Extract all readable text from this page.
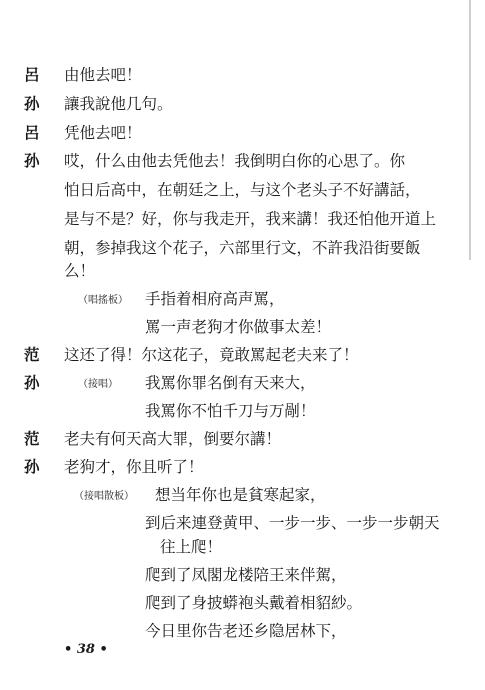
呂 由他去吧！
孙 讓我說他几句。
呂 凭他去吧！
孙 哎，什么由他去凭他去！我倒明白你的心思了。你
怕日后高中，在朝廷之上，与这个老头子不好講話，
是与不是？好，你与我走开，我来講！我还怕他开道上
朝，参掉我这个花子，六部里行文，不許我沿街要飯
么！
（唱搖板） 手指着相府高声罵，
罵一声老狗才你做事太差！
范 这还了得！尔这花子，竟敢罵起老夫来了！
孙	（接唱） 我罵你罪名倒有天来大，
我罵你不怕千刀与万剮！
范 老夫有何天高大罪，倒要尔講！
孙 老狗才，你且听了！
（接唱散板） 想当年你也是貧寒起家，
到后来連登黄甲、一步一步、一步一步朝天
往上爬！
爬到了凤閣龙楼陪王来伴駕，
爬到了身披蟒袍头戴着相貂紗。
今日里你告老还乡隐居林下，
• 38 •
